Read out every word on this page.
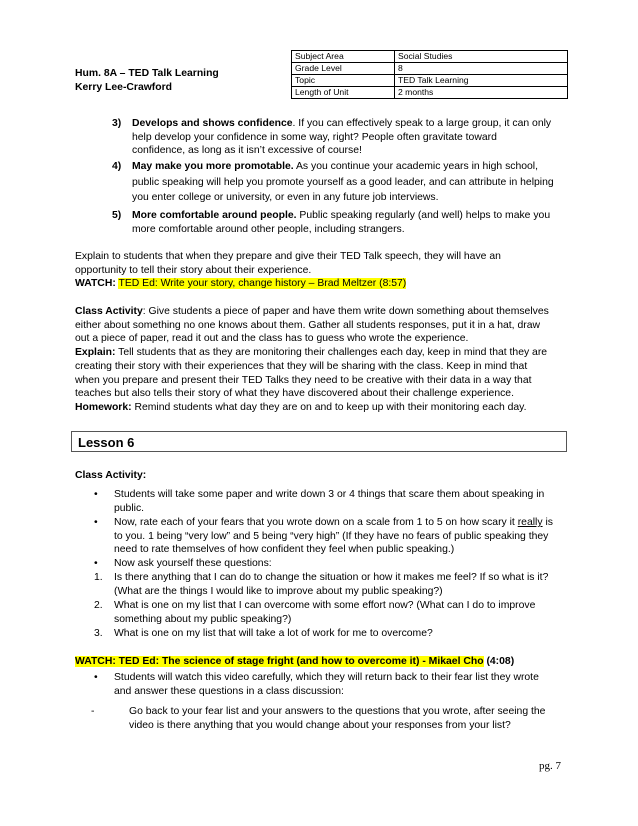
Hum. 8A – TED Talk Learning
Kerry Lee-Crawford
Subject Area	Social Studies
Grade Level	8
Topic	TED Talk Learning
Length of Unit	2 months
3) Develops and shows confidence. If you can effectively speak to a large group, it can only
help develop your confidence in some way, right? People often gravitate toward
confidence, as long as it isn’t excessive of course!
4) May make you more promotable. As you continue your academic years in high school,
public speaking will help you promote yourself as a good leader, and can attribute in helping
you enter college or university, or even in any future job interviews.
5) More comfortable around people. Public speaking regularly (and well) helps to make you
more comfortable around other people, including strangers.
Explain to students that when they prepare and give their TED Talk speech, they will have an
opportunity to tell their story about their experience.
WATCH: TED Ed: Write your story, change history – Brad Meltzer (8:57)
Class Activity: Give students a piece of paper and have them write down something about themselves
either about something no one knows about them. Gather all students responses, put it in a hat, draw
out a piece of paper, read it out and the class has to guess who wrote the experience.
Explain: Tell students that as they are monitoring their challenges each day, keep in mind that they are
creating their story with their experiences that they will be sharing with the class. Keep in mind that
when you prepare and present their TED Talks they need to be creative with their data in a way that
teaches but also tells their story of what they have discovered about their challenge experience.
Homework: Remind students what day they are on and to keep up with their monitoring each day.
Lesson 6
Class Activity:
• Students will take some paper and write down 3 or 4 things that scare them about speaking in
public.
• Now, rate each of your fears that you wrote down on a scale from 1 to 5 on how scary it really is
to you. 1 being “very low” and 5 being “very high” (If they have no fears of public speaking they
need to rate themselves of how confident they feel when public speaking.)
• Now ask yourself these questions:
1. Is there anything that I can do to change the situation or how it makes me feel? If so what is it?
(What are the things I would like to improve about my public speaking?)
2. What is one on my list that I can overcome with some effort now? (What can I do to improve
something about my public speaking?)
3. What is one on my list that will take a lot of work for me to overcome?
WATCH: TED Ed: The science of stage fright (and how to overcome it) - Mikael Cho (4:08)
• Students will watch this video carefully, which they will return back to their fear list they wrote
and answer these questions in a class discussion:
-	Go back to your fear list and your answers to the questions that you wrote, after seeing the
video is there anything that you would change about your responses from your list?
pg. 7
